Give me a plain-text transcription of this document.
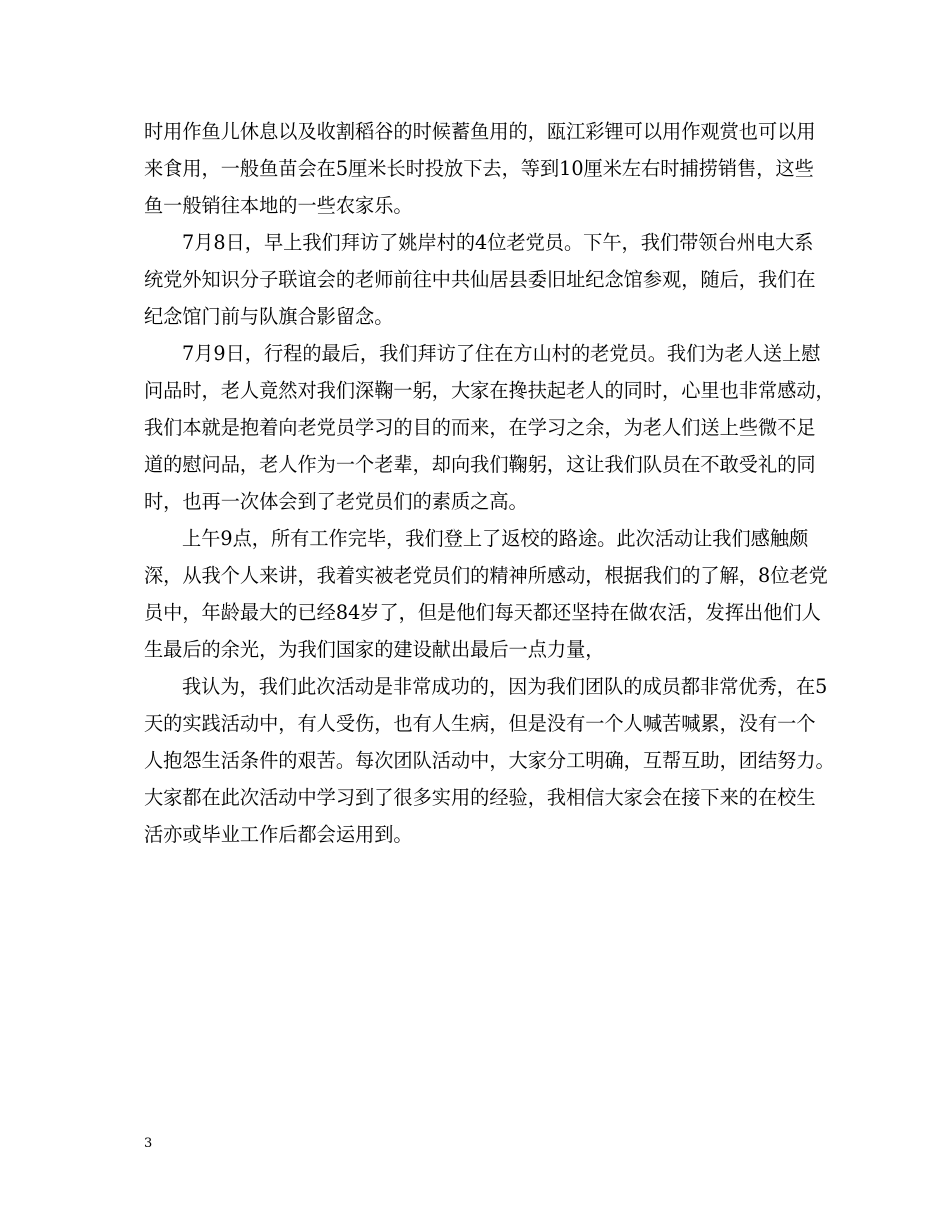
时用作鱼儿休息以及收割稻谷的时候蓄鱼用的，瓯江彩锂可以用作观赏也可以用
来食用，一般鱼苗会在5厘米长时投放下去，等到10厘米左右时捕捞销售，这些
鱼一般销往本地的一些农家乐。
7月8日，早上我们拜访了姚岸村的4位老党员。下午，我们带领台州电大系
统党外知识分子联谊会的老师前往中共仙居县委旧址纪念馆参观，随后，我们在
纪念馆门前与队旗合影留念。
7月9日，行程的最后，我们拜访了住在方山村的老党员。我们为老人送上慰
问品时，老人竟然对我们深鞠一躬，大家在搀扶起老人的同时，心里也非常感动，
我们本就是抱着向老党员学习的目的而来，在学习之余，为老人们送上些微不足
道的慰问品，老人作为一个老辈，却向我们鞠躬，这让我们队员在不敢受礼的同
时，也再一次体会到了老党员们的素质之高。
上午9点，所有工作完毕，我们登上了返校的路途。此次活动让我们感触颇
深，从我个人来讲，我着实被老党员们的精神所感动，根据我们的了解，8位老党
员中，年龄最大的已经84岁了，但是他们每天都还坚持在做农活，发挥出他们人
生最后的余光，为我们国家的建设献出最后一点力量，
我认为，我们此次活动是非常成功的，因为我们团队的成员都非常优秀，在5
天的实践活动中，有人受伤，也有人生病，但是没有一个人喊苦喊累，没有一个
人抱怨生活条件的艰苦。每次团队活动中，大家分工明确，互帮互助，团结努力。
大家都在此次活动中学习到了很多实用的经验，我相信大家会在接下来的在校生
活亦或毕业工作后都会运用到。
3
